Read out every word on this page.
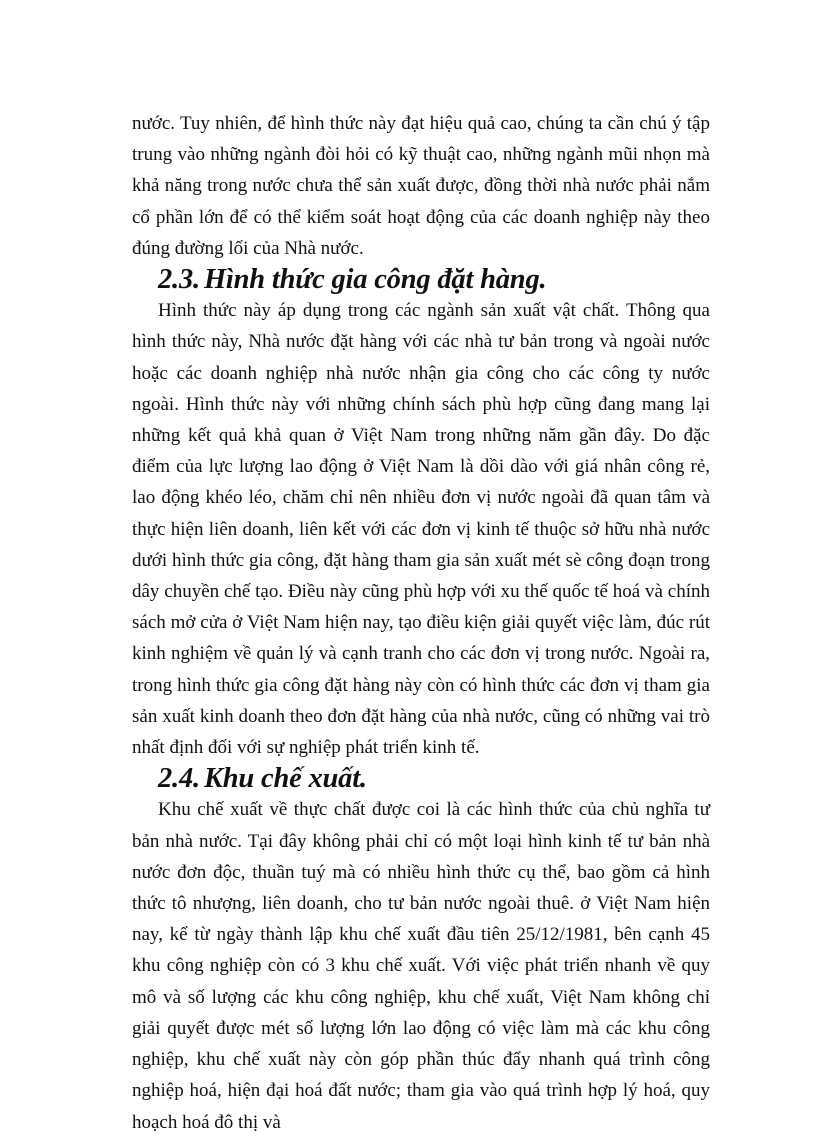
nước. Tuy nhiên, để hình thức này đạt hiệu quả cao, chúng ta cần chú ý tập trung vào những ngành đòi hỏi có kỹ thuật cao, những ngành mũi nhọn mà khả năng trong nước chưa thể sản xuất được, đồng thời nhà nước phải nắm cổ phần lớn để có thể kiểm soát hoạt động của các doanh nghiệp này theo đúng đường lối của Nhà nước.

2.3. Hình thức gia công đặt hàng.

Hình thức này áp dụng trong các ngành sản xuất vật chất. Thông qua hình thức này, Nhà nước đặt hàng với các nhà tư bản trong và ngoài nước hoặc các doanh nghiệp nhà nước nhận gia công cho các công ty nước ngoài. Hình thức này với những chính sách phù hợp cũng đang mang lại những kết quả khả quan ở Việt Nam trong những năm gần đây. Do đặc điểm của lực lượng lao động ở Việt Nam là dồi dào với giá nhân công rẻ, lao động khéo léo, chăm chỉ nên nhiều đơn vị nước ngoài đã quan tâm và thực hiện liên doanh, liên kết với các đơn vị kinh tế thuộc sở hữu nhà nước dưới hình thức gia công, đặt hàng tham gia sản xuất mét sè công đoạn trong dây chuyền chế tạo. Điều này cũng phù hợp với xu thế quốc tế hoá và chính sách mở cửa ở Việt Nam hiện nay, tạo điều kiện giải quyết việc làm, đúc rút kinh nghiệm về quản lý và cạnh tranh cho các đơn vị trong nước. Ngoài ra, trong hình thức gia công đặt hàng này còn có hình thức các đơn vị tham gia sản xuất kinh doanh theo đơn đặt hàng của nhà nước, cũng có những vai trò nhất định đối với sự nghiệp phát triển kinh tế.

2.4. Khu chế xuất.

Khu chế xuất về thực chất được coi là các hình thức của chủ nghĩa tư bản nhà nước. Tại đây không phải chỉ có một loại hình kinh tế tư bản nhà nước đơn độc, thuần tuý mà có nhiều hình thức cụ thể, bao gồm cả hình thức tô nhượng, liên doanh, cho tư bản nước ngoài thuê. ở Việt Nam hiện nay, kể từ ngày thành lập khu chế xuất đầu tiên 25/12/1981, bên cạnh 45 khu công nghiệp còn có 3 khu chế xuất. Với việc phát triển nhanh về quy mô và số lượng các khu công nghiệp, khu chế xuất, Việt Nam không chỉ giải quyết được mét số lượng lớn lao động có việc làm mà các khu công nghiệp, khu chế xuất này còn góp phần thúc đẩy nhanh quá trình công nghiệp hoá, hiện đại hoá đất nước; tham gia vào quá trình hợp lý hoá, quy hoạch hoá đô thị và
